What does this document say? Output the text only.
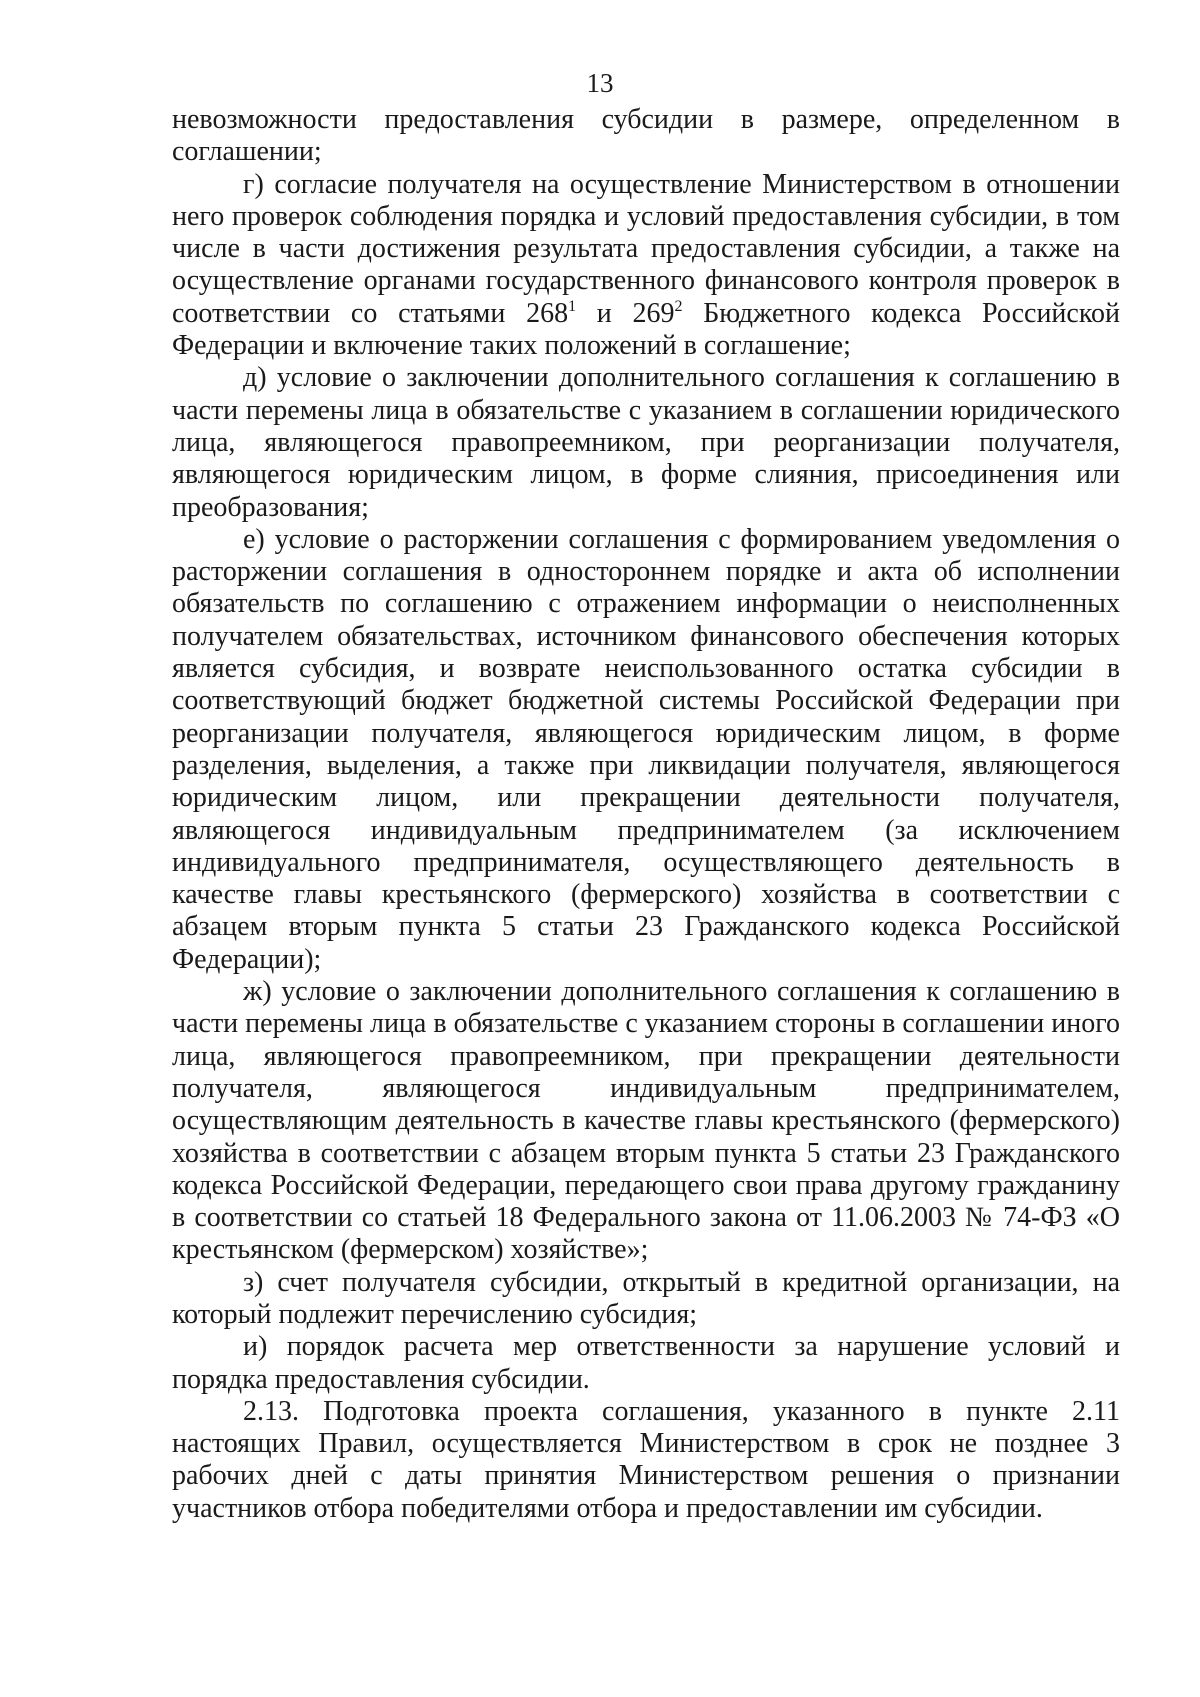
13

невозможности предоставления субсидии в размере, определенном в соглашении;

г) согласие получателя на осуществление Министерством в отношении него проверок соблюдения порядка и условий предоставления субсидии, в том числе в части достижения результата предоставления субсидии, а также на осуществление органами государственного финансового контроля проверок в соответствии со статьями $268^1$ и $269^2$ Бюджетного кодекса Российской Федерации и включение таких положений в соглашение;

д) условие о заключении дополнительного соглашения к соглашению в части перемены лица в обязательстве с указанием в соглашении юридического лица, являющегося правопреемником, при реорганизации получателя, являющегося юридическим лицом, в форме слияния, присоединения или преобразования;

е) условие о расторжении соглашения с формированием уведомления о расторжении соглашения в одностороннем порядке и акта об исполнении обязательств по соглашению с отражением информации о неисполненных получателем обязательствах, источником финансового обеспечения которых является субсидия, и возврате неиспользованного остатка субсидии в соответствующий бюджет бюджетной системы Российской Федерации при реорганизации получателя, являющегося юридическим лицом, в форме разделения, выделения, а также при ликвидации получателя, являющегося юридическим лицом, или прекращении деятельности получателя, являющегося индивидуальным предпринимателем (за исключением индивидуального предпринимателя, осуществляющего деятельность в качестве главы крестьянского (фермерского) хозяйства в соответствии с абзацем вторым пункта 5 статьи 23 Гражданского кодекса Российской Федерации);

ж) условие о заключении дополнительного соглашения к соглашению в части перемены лица в обязательстве с указанием стороны в соглашении иного лица, являющегося правопреемником, при прекращении деятельности получателя, являющегося индивидуальным предпринимателем, осуществляющим деятельность в качестве главы крестьянского (фермерского) хозяйства в соответствии с абзацем вторым пункта 5 статьи 23 Гражданского кодекса Российской Федерации, передающего свои права другому гражданину в соответствии со статьей 18 Федерального закона от 11.06.2003 № 74-ФЗ «О крестьянском (фермерском) хозяйстве»;

з) счет получателя субсидии, открытый в кредитной организации, на который подлежит перечислению субсидия;

и) порядок расчета мер ответственности за нарушение условий и порядка предоставления субсидии.

2.13. Подготовка проекта соглашения, указанного в пункте 2.11 настоящих Правил, осуществляется Министерством в срок не позднее 3 рабочих дней с даты принятия Министерством решения о признании участников отбора победителями отбора и предоставлении им субсидии.
